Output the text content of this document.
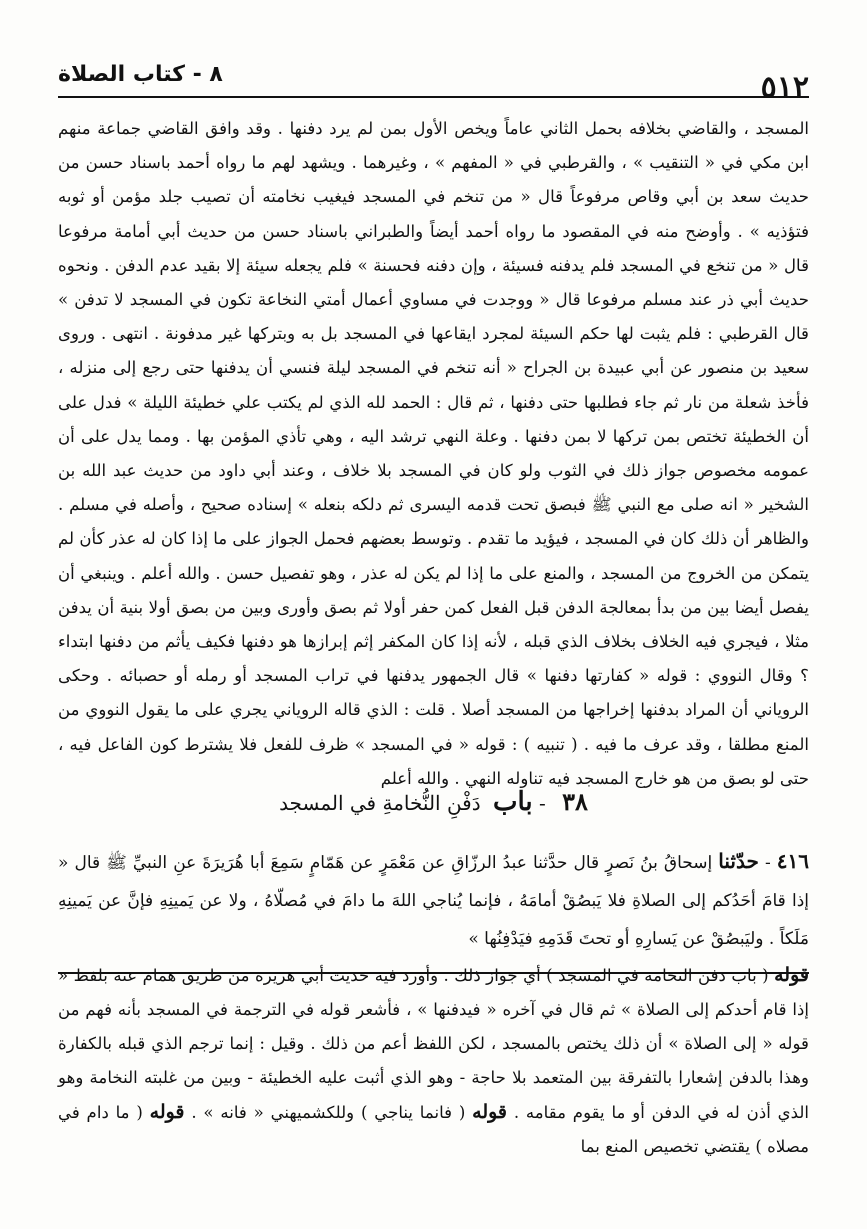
٥١٢
٨ - كتاب الصلاة

المسجد ، والقاضي بخلافه بحمل الثاني عاماً ويخص الأول بمن لم يرد دفنها . وقد وافق القاضي جماعة منهم ابن مكي في « التنقيب » ، والقرطبي في « المفهم » ، وغيرهما . ويشهد لهم ما رواه أحمد باسناد حسن من حديث سعد بن أبي وقاص مرفوعاً قال « من تنخم في المسجد فيغيب نخامته أن تصيب جلد مؤمن أو ثوبه فتؤذيه » . وأوضح منه في المقصود ما رواه أحمد أيضاً والطبراني باسناد حسن من حديث أبي أمامة مرفوعا قال « من تنخع في المسجد فلم يدفنه فسيئة ، وإن دفنه فحسنة » فلم يجعله سيئة إلا بقيد عدم الدفن . ونحوه حديث أبي ذر عند مسلم مرفوعا قال « ووجدت في مساوي أعمال أمتي النخاعة تكون في المسجد لا تدفن » قال القرطبي : فلم يثبت لها حكم السيئة لمجرد ايقاعها في المسجد بل به وبتركها غير مدفونة . انتهى . وروى سعيد بن منصور عن أبي عبيدة بن الجراح « أنه تنخم في المسجد ليلة فنسي أن يدفنها حتى رجع إلى منزله ، فأخذ شعلة من نار ثم جاء فطلبها حتى دفنها ، ثم قال : الحمد لله الذي لم يكتب علي خطيئة الليلة » فدل على أن الخطيئة تختص بمن تركها لا بمن دفنها . وعلة النهي ترشد اليه ، وهي تأذي المؤمن بها . ومما يدل على أن عمومه مخصوص جواز ذلك في الثوب ولو كان في المسجد بلا خلاف ، وعند أبي داود من حديث عبد الله بن الشخير « انه صلى مع النبي ﷺ فبصق تحت قدمه اليسرى ثم دلكه بنعله » إسناده صحيح ، وأصله في مسلم . والظاهر أن ذلك كان في المسجد ، فيؤيد ما تقدم . وتوسط بعضهم فحمل الجواز على ما إذا كان له عذر كأن لم يتمكن من الخروج من المسجد ، والمنع على ما إذا لم يكن له عذر ، وهو تفصيل حسن . والله أعلم . وينبغي أن يفصل أيضا بين من بدأ بمعالجة الدفن قبل الفعل كمن حفر أولا ثم بصق وأورى وبين من بصق أولا بنية أن يدفن مثلا ، فيجري فيه الخلاف بخلاف الذي قبله ، لأنه إذا كان المكفر إثم إبرازها هو دفنها فكيف يأثم من دفنها ابتداء ؟ وقال النووي : قوله « كفارتها دفنها » قال الجمهور يدفنها في تراب المسجد أو رمله أو حصبائه . وحكى الروياني أن المراد بدفنها إخراجها من المسجد أصلا . قلت : الذي قاله الروياني يجري على ما يقول النووي من المنع مطلقا ، وقد عرف ما فيه . ( تنبيه ) : قوله « في المسجد » ظرف للفعل فلا يشترط كون الفاعل فيه ، حتى لو بصق من هو خارج المسجد فيه تناوله النهي . والله أعلم

٣٨ - باب دَفْنِ النُّخامةِ في المسجد
٤١٦ - حدّثنا إسحاقُ بنُ نَصرٍ قال حدَّثنا عبدُ الرزّاقِ عن مَعْمَرٍ عن هَمّامٍ سَمِعَ أبا هُرَيرَةَ عنِ النبيِّ ﷺ قال « إذا قامَ أحَدُكم إلى الصلاةِ فلا يَبصُقْ أمامَهُ ، فإنما يُناجي اللهَ ما دامَ في مُصلّاهُ ، ولا عن يَمينِهِ فإنَّ عن يَمينِهِ مَلَكاً . وليَبصُقْ عن يَسارِهِ أو تحتَ قَدَمِهِ فيَدْفِنُها »

قوله ( باب دفن النخامة في المسجد ) أي جواز ذلك . وأورد فيه حديث أبي هريرة من طريق همام عنه بلفظ « إذا قام أحدكم إلى الصلاة » ثم قال في آخره « فيدفنها » ، فأشعر قوله في الترجمة في المسجد بأنه فهم من قوله « إلى الصلاة » أن ذلك يختص بالمسجد ، لكن اللفظ أعم من ذلك . وقيل : إنما ترجم الذي قبله بالكفارة وهذا بالدفن إشعارا بالتفرقة بين المتعمد بلا حاجة - وهو الذي أثبت عليه الخطيئة - وبين من غلبته النخامة وهو الذي أذن له في الدفن أو ما يقوم مقامه . قوله ( فانما يناجي ) وللكشميهني « فانه » . قوله ( ما دام في مصلاه ) يقتضي تخصيص المنع بما
